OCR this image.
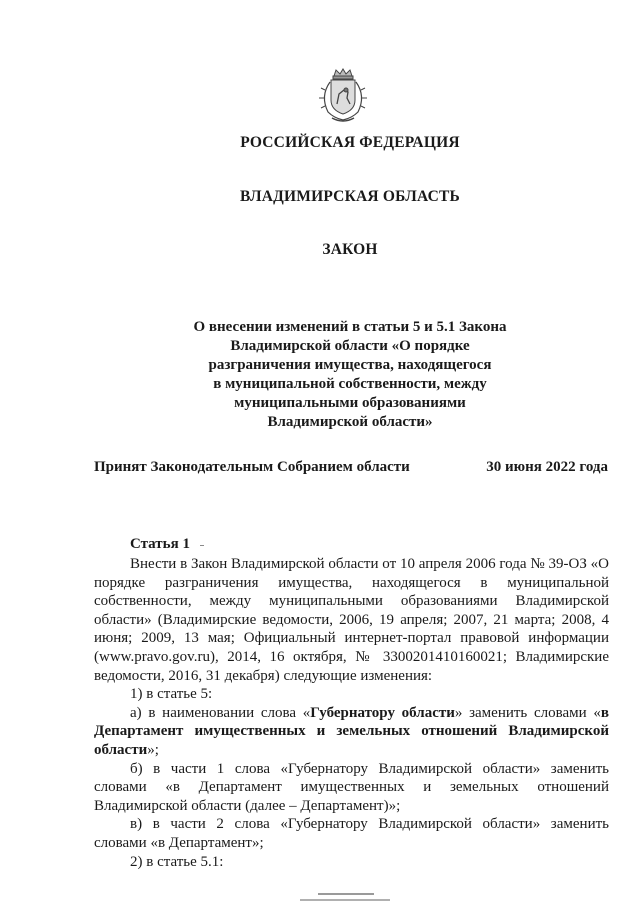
РОССИЙСКАЯ ФЕДЕРАЦИЯ
ВЛАДИМИРСКАЯ ОБЛАСТЬ
ЗАКОН
О внесении изменений в статьи 5 и 5.1 Закона
Владимирской области «О порядке
разграничения имущества, находящегося
в муниципальной собственности, между
муниципальными образованиями
Владимирской области»
Принят Законодательным Собранием области	30 июня 2022 года
Статья 1

Внести в Закон Владимирской области от 10 апреля 2006 года № 39-ОЗ «О порядке разграничения имущества, находящегося в муниципальной собственности, между муниципальными образованиями Владимирской области» (Владимирские ведомости, 2006, 19 апреля; 2007, 21 марта; 2008, 4 июня; 2009, 13 мая; Официальный интернет-портал правовой информации (www.pravo.gov.ru), 2014, 16 октября, № 3300201410160021; Владимирские ведомости, 2016, 31 декабря) следующие изменения:

1) в статье 5:

а) в наименовании слова «Губернатору области» заменить словами «в Департамент имущественных и земельных отношений Владимирской области»;

б) в части 1 слова «Губернатору Владимирской области» заменить словами «в Департамент имущественных и земельных отношений Владимирской области (далее – Департамент)»;

в) в части 2 слова «Губернатору Владимирской области» заменить словами «в Департамент»;

2) в статье 5.1:
